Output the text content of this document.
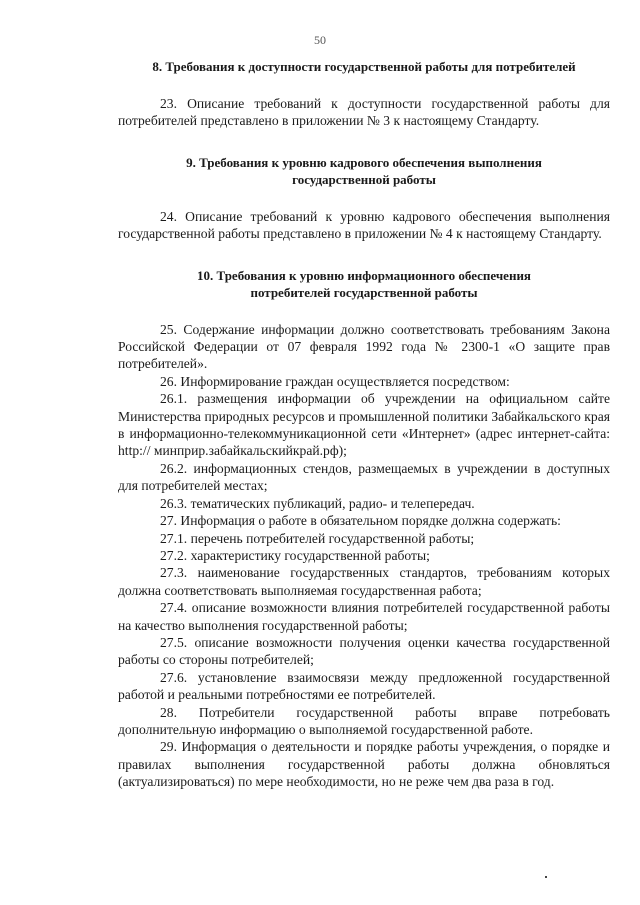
50
8. Требования к доступности государственной работы для потребителей

23. Описание требований к доступности государственной работы для потребителей представлено в приложении № 3 к настоящему Стандарту.

9. Требования к уровню кадрового обеспечения выполнения государственной работы

24. Описание требований к уровню кадрового обеспечения выполнения государственной работы представлено в приложении № 4 к настоящему Стандарту.

10. Требования к уровню информационного обеспечения потребителей государственной работы

25. Содержание информации должно соответствовать требованиям Закона Российской Федерации от 07 февраля 1992 года № 2300-1 «О защите прав потребителей».

26. Информирование граждан осуществляется посредством:

26.1. размещения информации об учреждении на официальном сайте Министерства природных ресурсов и промышленной политики Забайкальского края в информационно-телекоммуникационной сети «Интернет» (адрес интернет-сайта: http:// минприр.забайкальскийкрай.рф);

26.2. информационных стендов, размещаемых в учреждении в доступных для потребителей местах;

26.3. тематических публикаций, радио- и телепередач.

27. Информация о работе в обязательном порядке должна содержать:

27.1. перечень потребителей государственной работы;

27.2. характеристику государственной работы;

27.3. наименование государственных стандартов, требованиям которых должна соответствовать выполняемая государственная работа;

27.4. описание возможности влияния потребителей государственной работы на качество выполнения государственной работы;

27.5. описание возможности получения оценки качества государственной работы со стороны потребителей;

27.6. установление взаимосвязи между предложенной государственной работой и реальными потребностями ее потребителей.

28. Потребители государственной работы вправе потребовать дополнительную информацию о выполняемой государственной работе.

29. Информация о деятельности и порядке работы учреждения, о порядке и правилах выполнения государственной работы должна обновляться (актуализироваться) по мере необходимости, но не реже чем два раза в год.
